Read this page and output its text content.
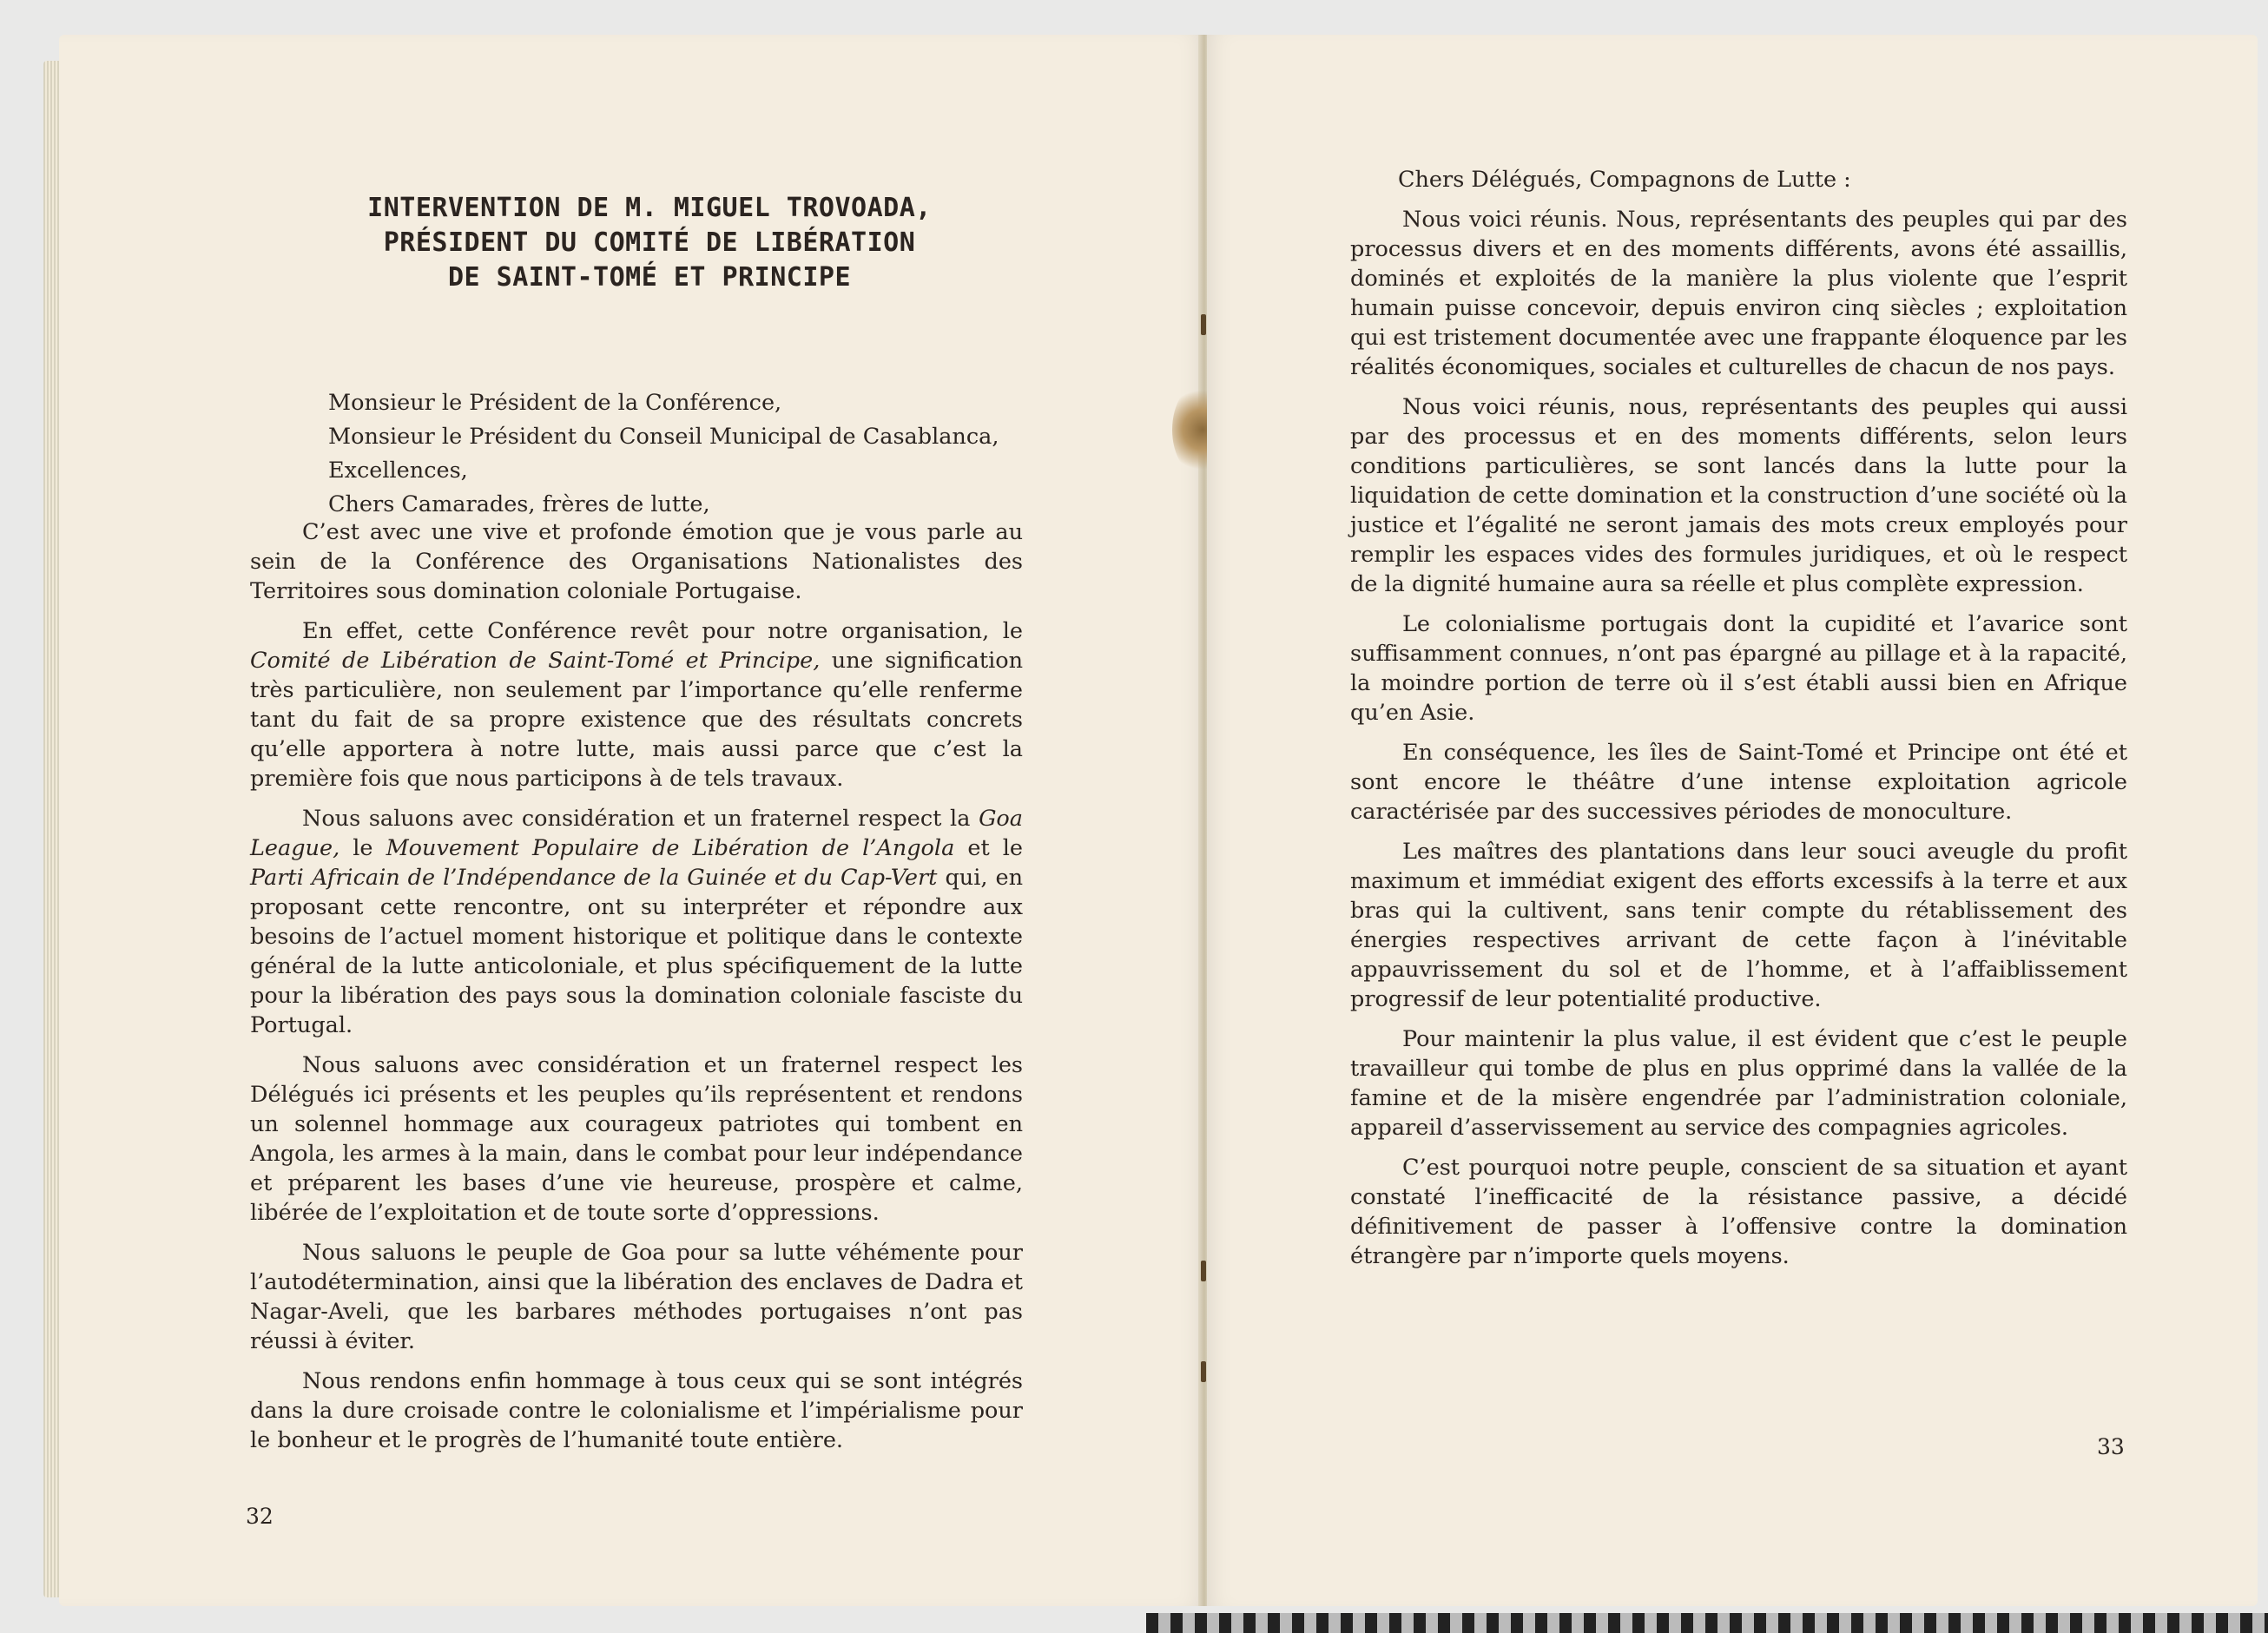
INTERVENTION DE M. MIGUEL TROVOADA,
PRÉSIDENT DU COMITÉ DE LIBÉRATION
DE SAINT-TOMÉ ET PRINCIPE
Monsieur le Président de la Conférence,
Monsieur le Président du Conseil Municipal de Casablanca,
Excellences,
Chers Camarades, frères de lutte,

C’est avec une vive et profonde émotion que je vous parle au sein de la Conférence des Organisations Nationalistes des Territoires sous domination coloniale Portugaise.

En effet, cette Conférence revêt pour notre organisation, le Comité de Libération de Saint-Tomé et Principe, une signification très particulière, non seulement par l’importance qu’elle renferme tant du fait de sa propre existence que des résultats concrets qu’elle apportera à notre lutte, mais aussi parce que c’est la première fois que nous participons à de tels travaux.

Nous saluons avec considération et un fraternel respect la Goa League, le Mouvement Populaire de Libération de l’Angola et le Parti Africain de l’Indépendance de la Guinée et du Cap-Vert qui, en proposant cette rencontre, ont su interpréter et répondre aux besoins de l’actuel moment historique et politique dans le contexte général de la lutte anticoloniale, et plus spécifiquement de la lutte pour la libération des pays sous la domination coloniale fasciste du Portugal.

Nous saluons avec considération et un fraternel respect les Délégués ici présents et les peuples qu’ils représentent et rendons un solennel hommage aux courageux patriotes qui tombent en Angola, les armes à la main, dans le combat pour leur indépendance et préparent les bases d’une vie heureuse, prospère et calme, libérée de l’exploitation et de toute sorte d’oppressions.

Nous saluons le peuple de Goa pour sa lutte véhémente pour l’autodétermination, ainsi que la libération des enclaves de Dadra et Nagar-Aveli, que les barbares méthodes portugaises n’ont pas réussi à éviter.

Nous rendons enfin hommage à tous ceux qui se sont intégrés dans la dure croisade contre le colonialisme et l’impérialisme pour le bonheur et le progrès de l’humanité toute entière.

32

Chers Délégués, Compagnons de Lutte :

Nous voici réunis. Nous, représentants des peuples qui par des processus divers et en des moments différents, avons été assaillis, dominés et exploités de la manière la plus violente que l’esprit humain puisse concevoir, depuis environ cinq siècles ; exploitation qui est tristement documentée avec une frappante éloquence par les réalités économiques, sociales et culturelles de chacun de nos pays.

Nous voici réunis, nous, représentants des peuples qui aussi par des processus et en des moments différents, selon leurs conditions particulières, se sont lancés dans la lutte pour la liquidation de cette domination et la construction d’une société où la justice et l’égalité ne seront jamais des mots creux employés pour remplir les espaces vides des formules juridiques, et où le respect de la dignité humaine aura sa réelle et plus complète expression.

Le colonialisme portugais dont la cupidité et l’avarice sont suffisamment connues, n’ont pas épargné au pillage et à la rapacité, la moindre portion de terre où il s’est établi aussi bien en Afrique qu’en Asie.

En conséquence, les îles de Saint-Tomé et Principe ont été et sont encore le théâtre d’une intense exploitation agricole caractérisée par des successives périodes de monoculture.

Les maîtres des plantations dans leur souci aveugle du profit maximum et immédiat exigent des efforts excessifs à la terre et aux bras qui la cultivent, sans tenir compte du rétablissement des énergies respectives arrivant de cette façon à l’inévitable appauvrissement du sol et de l’homme, et à l’affaiblissement progressif de leur potentialité productive.

Pour maintenir la plus value, il est évident que c’est le peuple travailleur qui tombe de plus en plus opprimé dans la vallée de la famine et de la misère engendrée par l’administration coloniale, appareil d’asservissement au service des compagnies agricoles.

C’est pourquoi notre peuple, conscient de sa situation et ayant constaté l’inefficacité de la résistance passive, a décidé définitivement de passer à l’offensive contre la domination étrangère par n’importe quels moyens.

33
